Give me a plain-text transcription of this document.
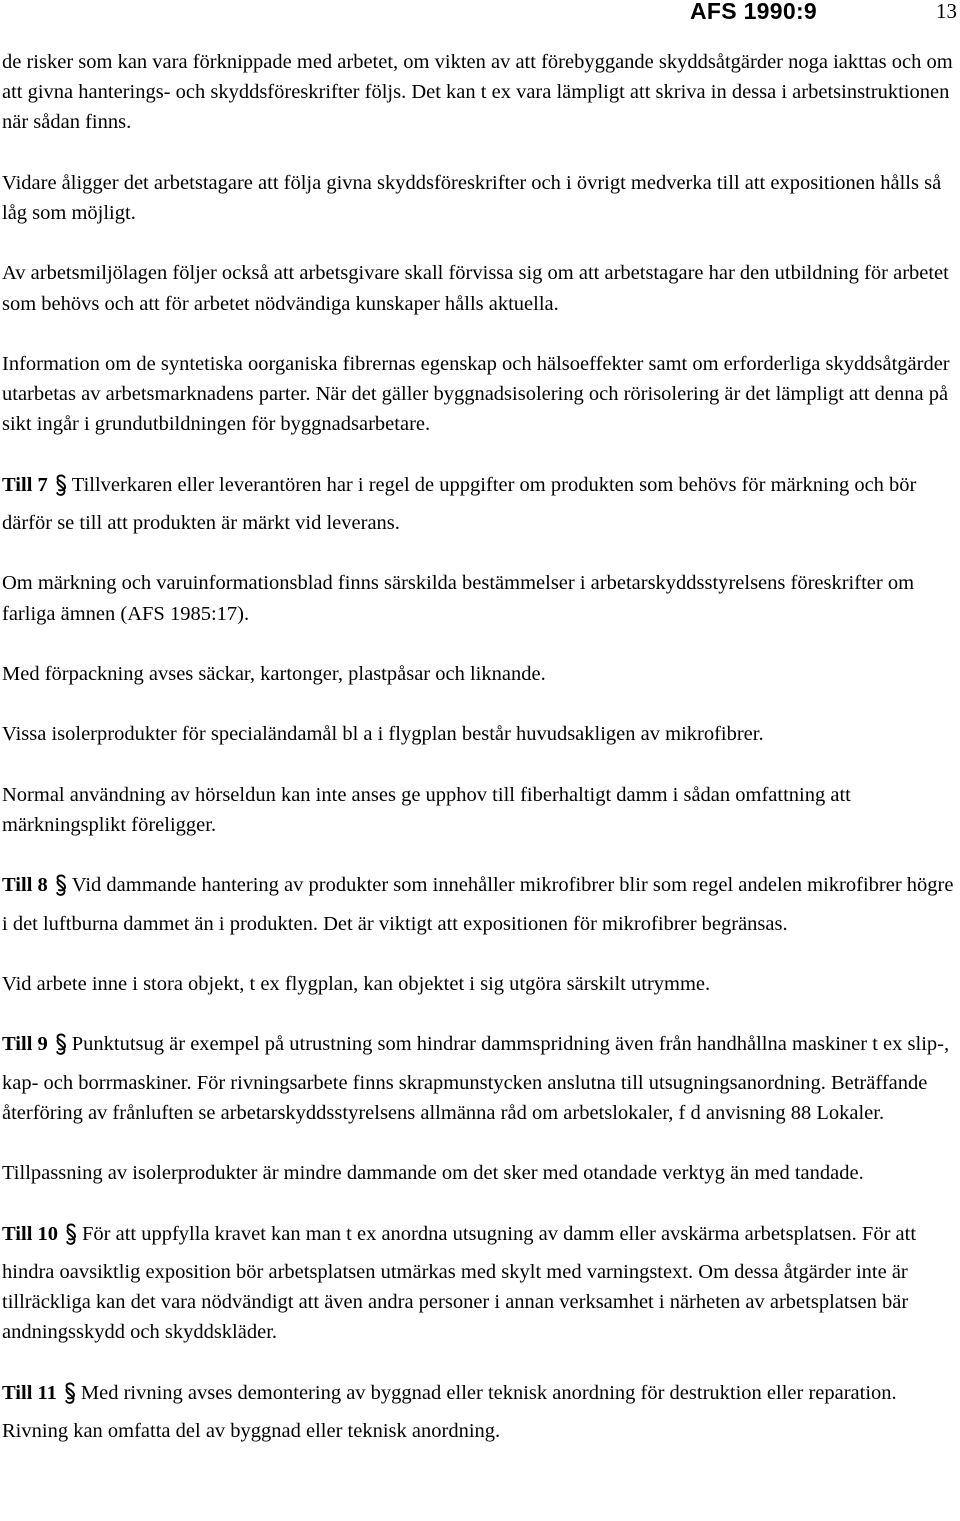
AFS 1990:9	13

de risker som kan vara förknippade med arbetet, om vikten av att förebyggande skyddsåtgärder noga iakttas och om att givna hanterings- och skyddsföreskrifter följs. Det kan t ex vara lämpligt att skriva in dessa i arbetsinstruktionen när sådan finns.

Vidare åligger det arbetstagare att följa givna skyddsföreskrifter och i övrigt medverka till att expositionen hålls så låg som möjligt.

Av arbetsmiljölagen följer också att arbetsgivare skall förvissa sig om att arbetstagare har den utbildning för arbetet som behövs och att för arbetet nödvändiga kunskaper hålls aktuella.

Information om de syntetiska oorganiska fibrernas egenskap och hälsoeffekter samt om erforderliga skyddsåtgärder utarbetas av arbetsmarknadens parter. När det gäller byggnadsisolering och rörisolering är det lämpligt att denna på sikt ingår i grundutbildningen för byggnadsarbetare.

Till 7 Tillverkaren eller leverantören har i regel de uppgifter om produkten som behövs för märkning och bör därför se till att produkten är märkt vid leverans.

Om märkning och varuinformationsblad finns särskilda bestämmelser i arbetarskyddsstyrelsens föreskrifter om farliga ämnen (AFS 1985:17).

Med förpackning avses säckar, kartonger, plastpåsar och liknande.

Vissa isolerprodukter för specialändamål bl a i flygplan består huvudsakligen av mikrofibrer.

Normal användning av hörseldun kan inte anses ge upphov till fiberhaltigt damm i sådan omfattning att märkningsplikt föreligger.

Till 8 Vid dammande hantering av produkter som innehåller mikrofibrer blir som regel andelen mikrofibrer högre i det luftburna dammet än i produkten. Det är viktigt att expositionen för mikrofibrer begränsas.

Vid arbete inne i stora objekt, t ex flygplan, kan objektet i sig utgöra särskilt utrymme.

Till 9 Punktutsug är exempel på utrustning som hindrar dammspridning även från handhållna maskiner t ex slip-, kap- och borrmaskiner. För rivningsarbete finns skrapmunstycken anslutna till utsugningsanordning. Beträffande återföring av frånluften se arbetarskyddsstyrelsens allmänna råd om arbetslokaler, f d anvisning 88 Lokaler.

Tillpassning av isolerprodukter är mindre dammande om det sker med otandade verktyg än med tandade.

Till 10 För att uppfylla kravet kan man t ex anordna utsugning av damm eller avskärma arbetsplatsen. För att hindra oavsiktlig exposition bör arbetsplatsen utmärkas med skylt med varningstext. Om dessa åtgärder inte är tillräckliga kan det vara nödvändigt att även andra personer i annan verksamhet i närheten av arbetsplatsen bär andningsskydd och skyddskläder.

Till 11 Med rivning avses demontering av byggnad eller teknisk anordning för destruktion eller reparation. Rivning kan omfatta del av byggnad eller teknisk anordning.
